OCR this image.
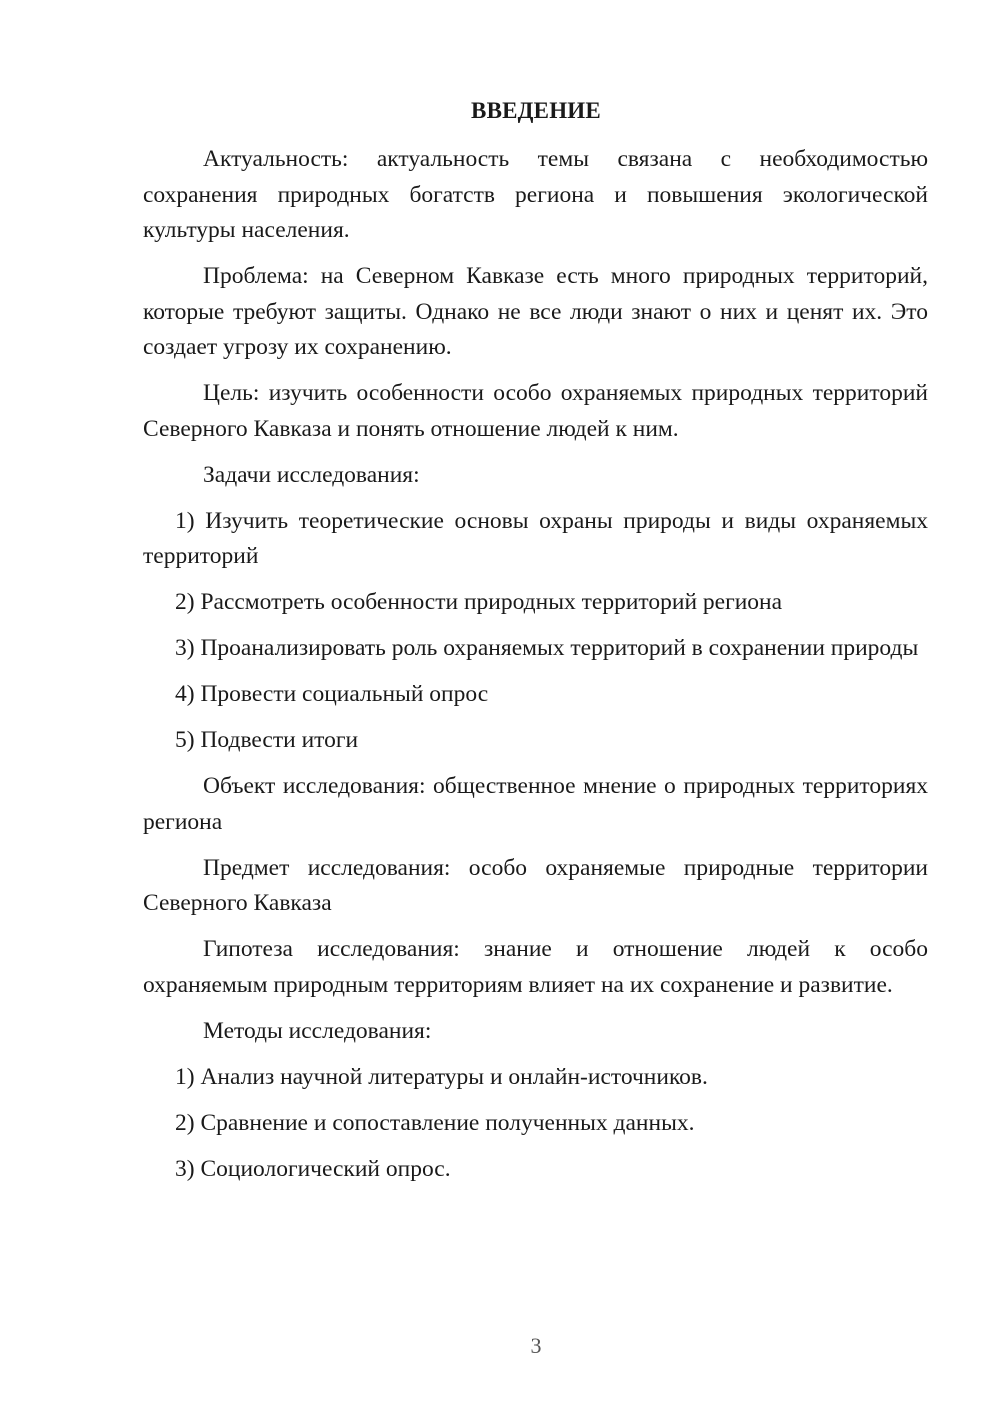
ВВЕДЕНИЕ

Актуальность: актуальность темы связана с необходимостью сохранения природных богатств региона и повышения экологической культуры населения.

Проблема: на Северном Кавказе есть много природных территорий, которые требуют защиты. Однако не все люди знают о них и ценят их. Это создает угрозу их сохранению.

Цель: изучить особенности особо охраняемых природных территорий Северного Кавказа и понять отношение людей к ним.

Задачи исследования:

1) Изучить теоретические основы охраны природы и виды охраняемых территорий

2) Рассмотреть особенности природных территорий региона

3) Проанализировать роль охраняемых территорий в сохранении природы

4) Провести социальный опрос

5) Подвести итоги

Объект исследования: общественное мнение о природных территориях региона

Предмет исследования: особо охраняемые природные территории Северного Кавказа

Гипотеза исследования: знание и отношение людей к особо охраняемым природным территориям влияет на их сохранение и развитие.

Методы исследования:

1) Анализ научной литературы и онлайн-источников.

2) Сравнение и сопоставление полученных данных.

3) Социологический опрос.

3
